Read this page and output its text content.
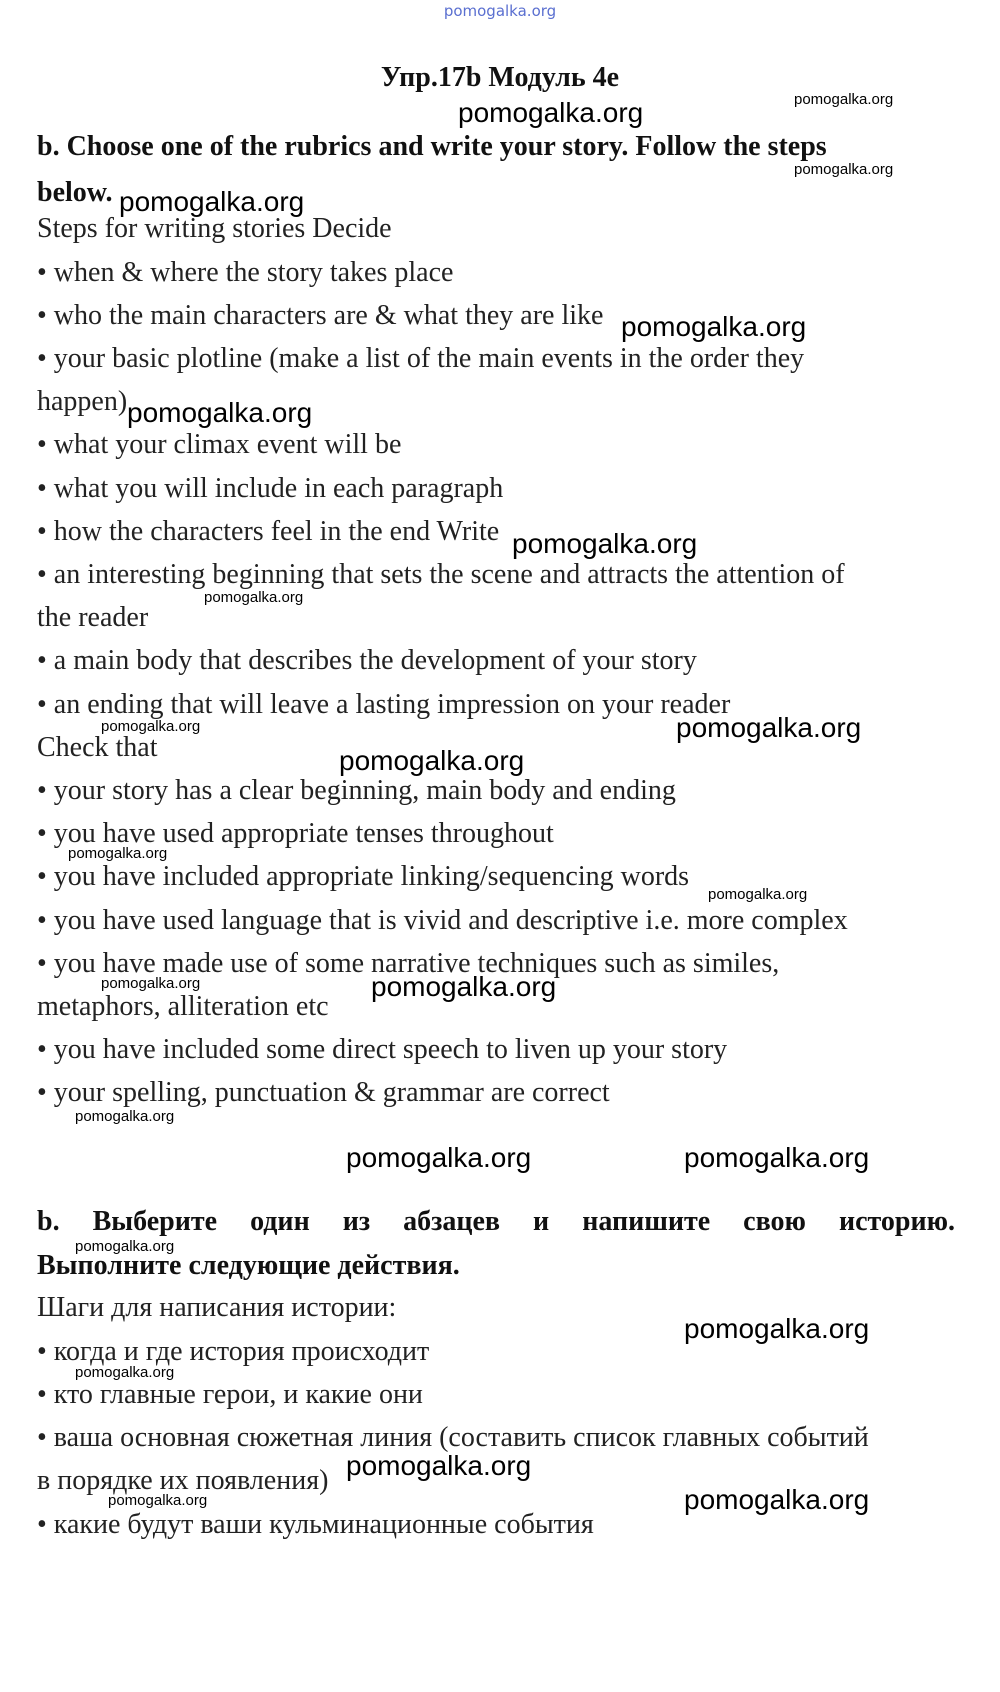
pomogalka.org
Упр.17b Модуль 4e
b. Choose one of the rubrics and write your story. Follow the steps
below.
Steps for writing stories Decide
• when & where the story takes place
• who the main characters are & what they are like
• your basic plotline (make a list of the main events in the order they
happen)
• what your climax event will be
• what you will include in each paragraph
• how the characters feel in the end Write
• an interesting beginning that sets the scene and attracts the attention of
the reader
• a main body that describes the development of your story
• an ending that will leave a lasting impression on your reader
Check that
• your story has a clear beginning, main body and ending
• you have used appropriate tenses throughout
• you have included appropriate linking/sequencing words
• you have used language that is vivid and descriptive i.e. more complex
• you have made use of some narrative techniques such as similes,
metaphors, alliteration etc
• you have included some direct speech to liven up your story
• your spelling, punctuation & grammar are correct
b. Выберите один из абзацев и напишите свою историю.
Выполните следующие действия.
Шаги для написания истории:
• когда и где история происходит
• кто главные герои, и какие они
• ваша основная сюжетная линия (составить список главных событий
в порядке их появления)
• какие будут ваши кульминационные события
pomogalka.org	pomogalka.org
pomogalka.org
pomogalka.org
pomogalka.org
pomogalka.org
pomogalka.org
pomogalka.org
pomogalka.org	pomogalka.org
pomogalka.org
pomogalka.org
pomogalka.org
pomogalka.org	pomogalka.org
pomogalka.org
pomogalka.org	pomogalka.org
pomogalka.org
pomogalka.org
pomogalka.org
pomogalka.org
pomogalka.org	pomogalka.org
